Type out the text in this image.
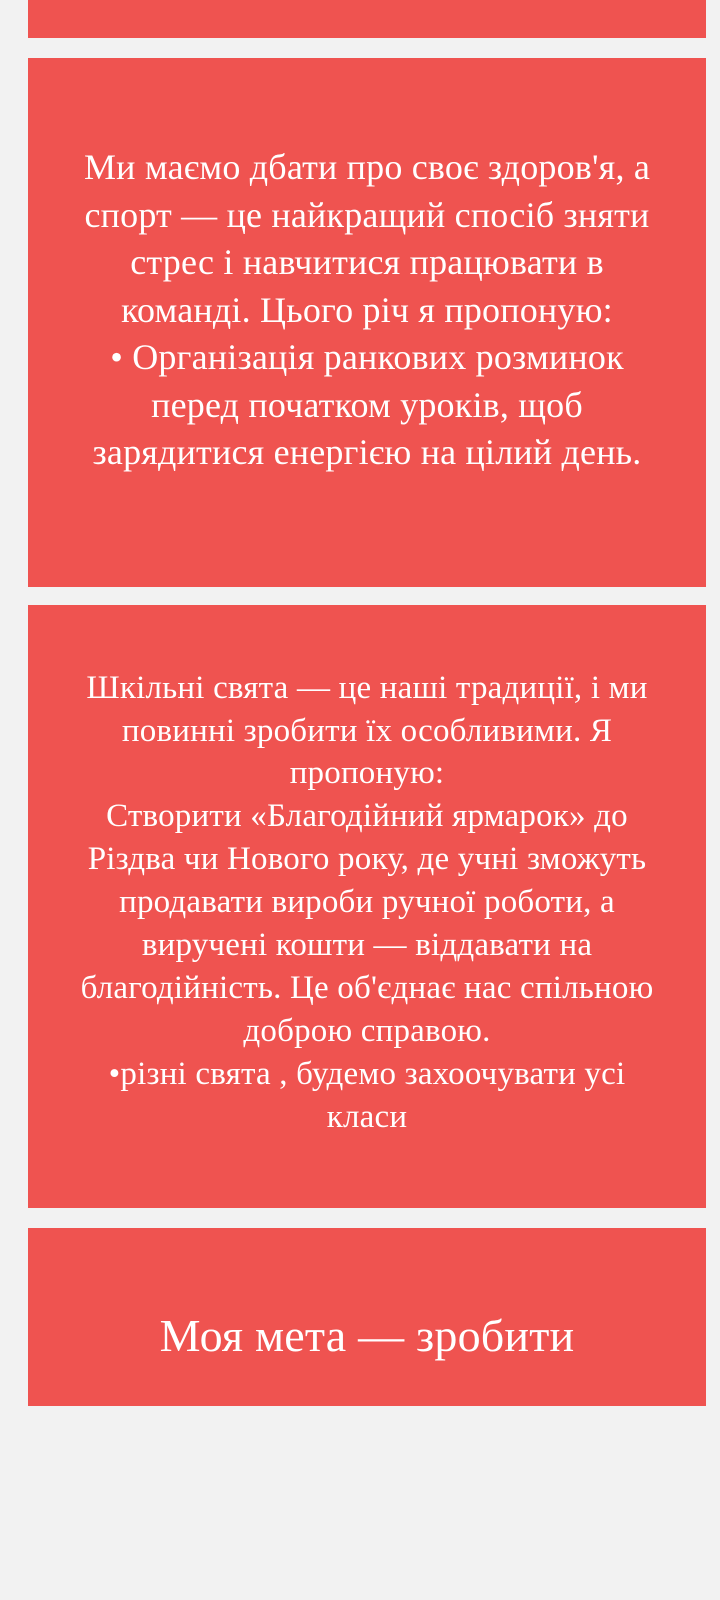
Ми маємо дбати про своє здоров'я, а спорт — це найкращий спосіб зняти стрес і навчитися працювати в команді. Цього річ я пропоную:

• Організація ранкових розминок перед початком уроків, щоб зарядитися енергією на цілий день.

Шкільні свята — це наші традиції, і ми повинні зробити їх особливими. Я пропоную:

Створити «Благодійний ярмарок» до Різдва чи Нового року, де учні зможуть продавати вироби ручної роботи, а виручені кошти — віддавати на благодійність. Це об'єднає нас спільною доброю справою.

•різні свята , будемо захоочувати усі класи

Моя мета — зробити
